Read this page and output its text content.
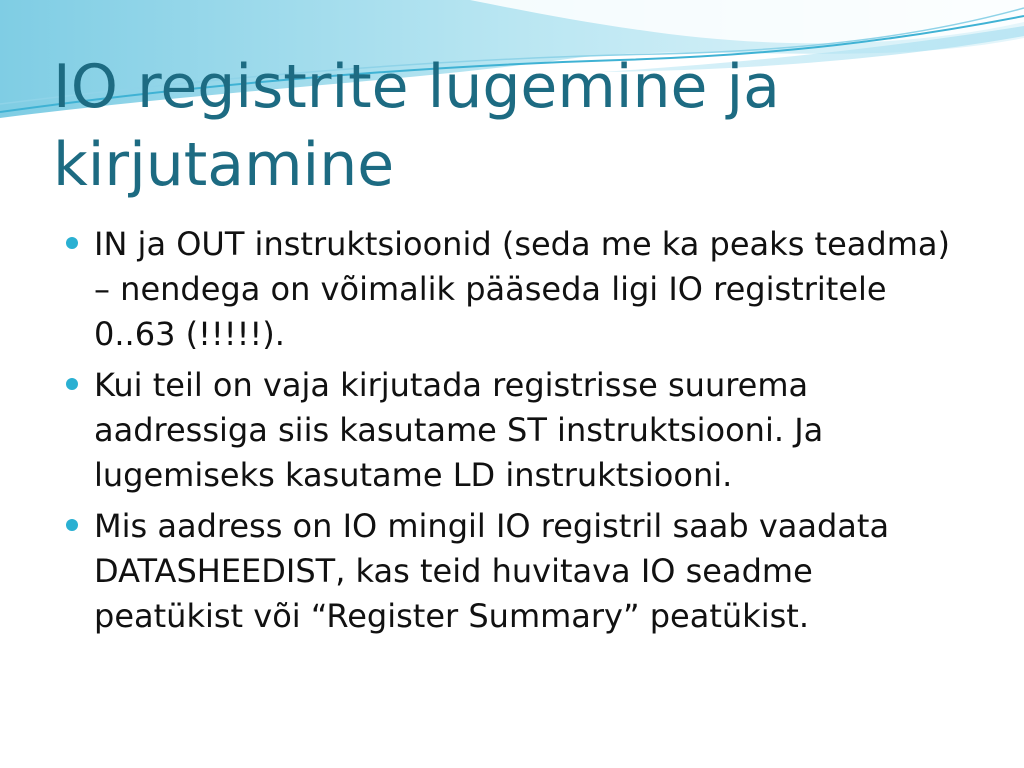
IO registrite lugemine ja kirjutamine
IN ja OUT instruktsioonid (seda me ka peaks teadma) – nendega on võimalik pääseda ligi IO registritele 0..63 (!!!!!).
Kui teil on vaja kirjutada registrisse suurema aadressiga siis kasutame ST instruktsiooni. Ja lugemiseks kasutame LD instruktsiooni.
Mis aadress on IO mingil IO registril saab vaadata DATASHEEDIST, kas teid huvitava IO seadme peatükist või “Register Summary” peatükist.
